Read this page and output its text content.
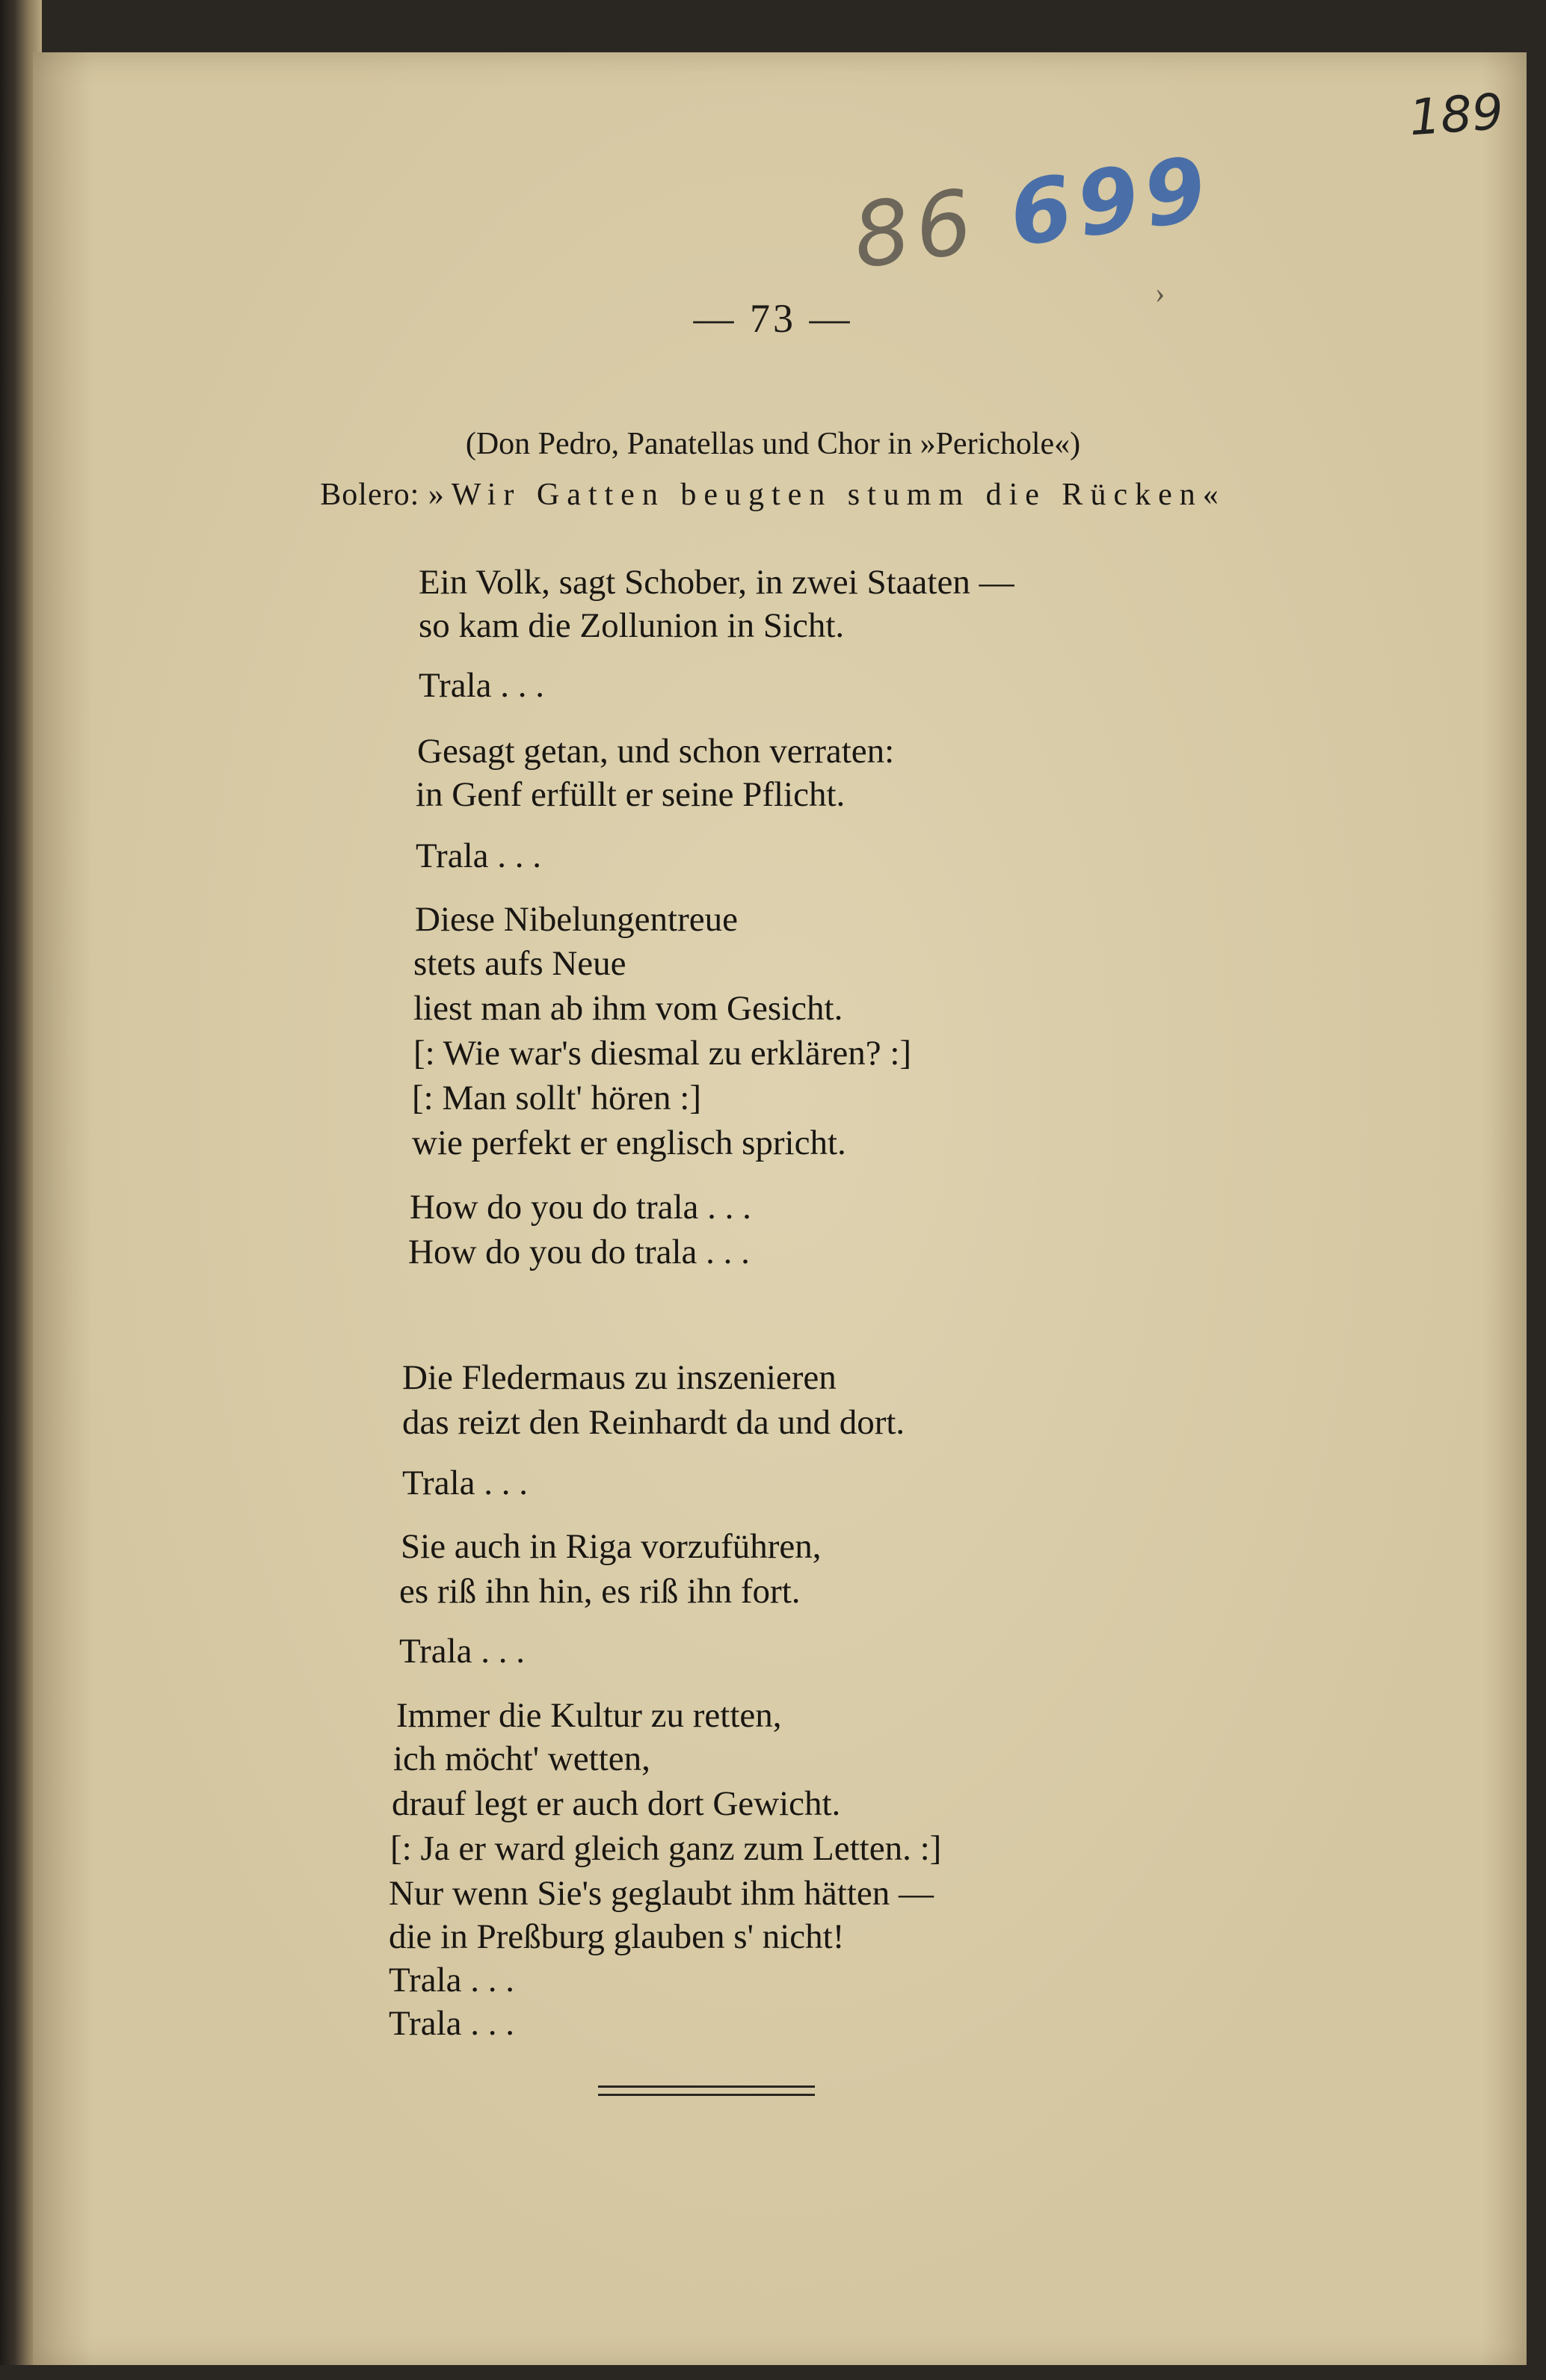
189
86 699
›
— 73 —
(Don Pedro, Panatellas und Chor in »Perichole«)
Bolero: »Wir Gatten beugten stumm die Rücken«
Ein Volk, sagt Schober, in zwei Staaten —
so kam die Zollunion in Sicht.
Trala . . .
Gesagt getan, und schon verraten:
in Genf erfüllt er seine Pflicht.
Trala . . .
Diese Nibelungentreue
stets aufs Neue
liest man ab ihm vom Gesicht.
[: Wie war's diesmal zu erklären? :]
[: Man sollt' hören :]
wie perfekt er englisch spricht.
How do you do trala . . .
How do you do trala . . .
Die Fledermaus zu inszenieren
das reizt den Reinhardt da und dort.
Trala . . .
Sie auch in Riga vorzuführen,
es riß ihn hin, es riß ihn fort.
Trala . . .
Immer die Kultur zu retten,
ich möcht' wetten,
drauf legt er auch dort Gewicht.
[: Ja er ward gleich ganz zum Letten. :]
Nur wenn Sie's geglaubt ihm hätten —
die in Preßburg glauben s' nicht!
Trala . . .
Trala . . .
